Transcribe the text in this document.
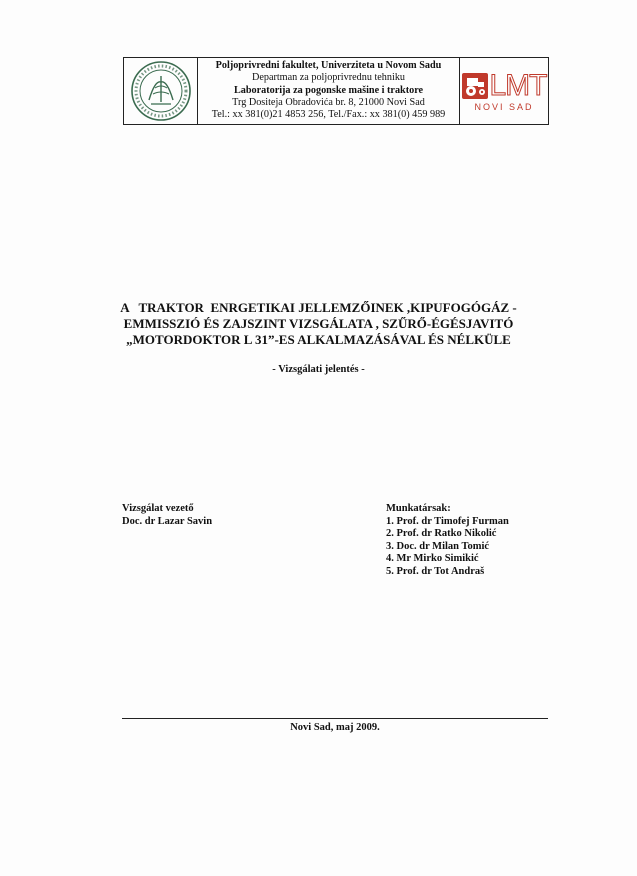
Poljoprivredni fakultet, Univerziteta u Novom Sadu
Departman za poljoprivrednu tehniku
Laboratorija za pogonske mašine i traktore
Trg Dositeja Obradovića br. 8, 21000 Novi Sad
Tel.: xx 381(0)21 4853 256, Tel./Fax.: xx 381(0) 459 989
LMT
NOVI SAD
A   TRAKTOR  ENRGETIKAI JELLEMZŐINEK ,KIPUFOGÓGÁZ -
EMMISSZIÓ ÉS ZAJSZINT VIZSGÁLATA , SZŰRŐ-ÉGÉSJAVITÓ
„MOTORDOKTOR L 31”-ES ALKALMAZÁSÁVAL ÉS NÉLKÜLE
- Vizsgálati jelentés -
Vizsgálat vezető
Doc. dr Lazar Savin
Munkatársak:
1. Prof. dr Timofej Furman
2. Prof. dr Ratko Nikolić
3. Doc. dr Milan Tomić
4. Mr Mirko Simikić
5. Prof. dr Tot Andraš
Novi Sad, maj 2009.
